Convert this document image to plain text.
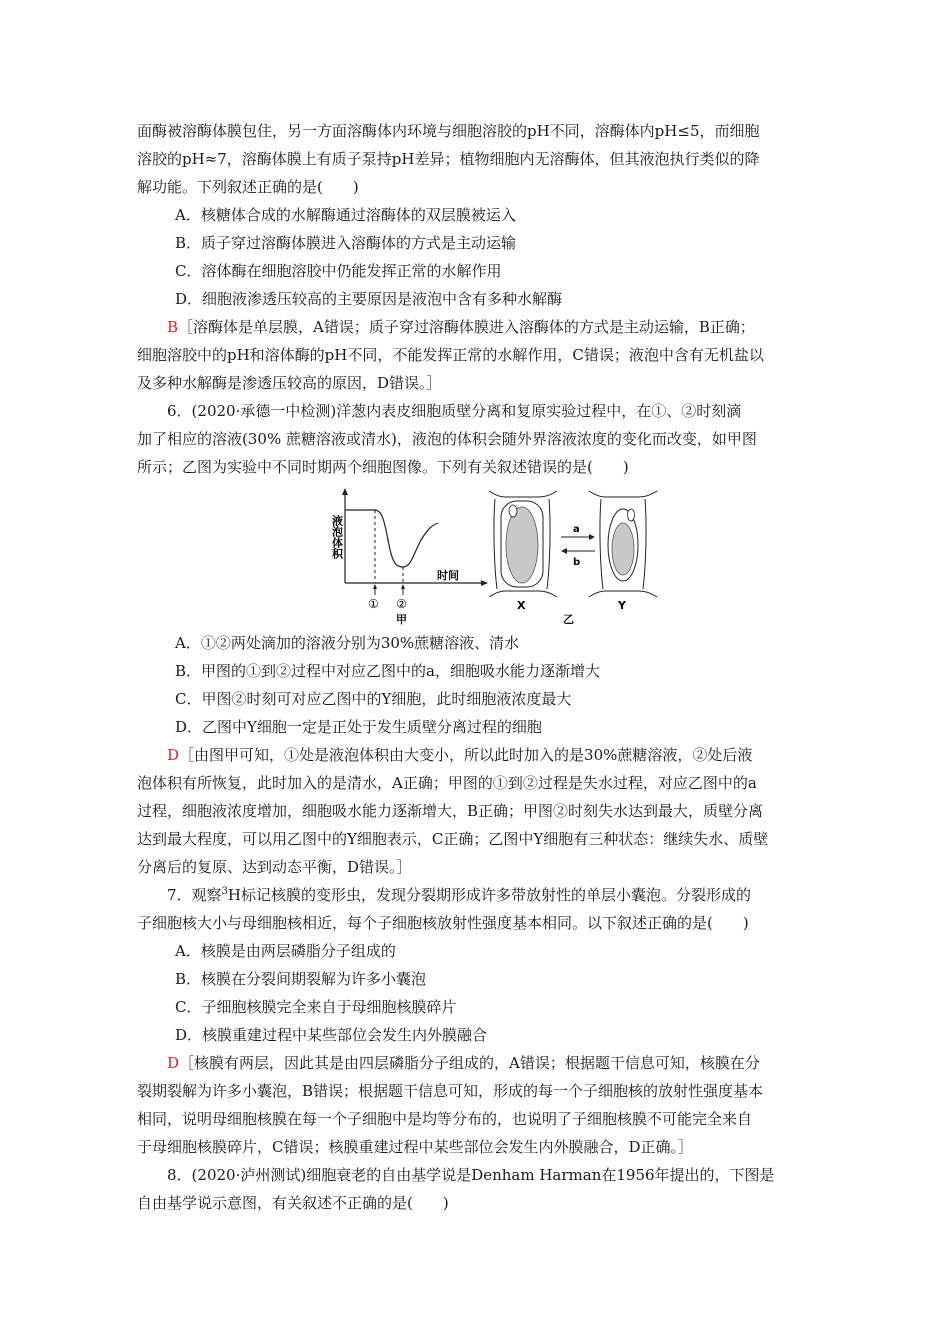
面酶被溶酶体膜包住，另一方面溶酶体内环境与细胞溶胶的pH不同，溶酶体内pH≤5，而细胞

溶胶的pH≈7，溶酶体膜上有质子泵持pH差异；植物细胞内无溶酶体，但其液泡执行类似的降

解功能。下列叙述正确的是(　　)

A．核糖体合成的水解酶通过溶酶体的双层膜被运入

B．质子穿过溶酶体膜进入溶酶体的方式是主动运输

C．溶体酶在细胞溶胶中仍能发挥正常的水解作用

D．细胞液渗透压较高的主要原因是液泡中含有多种水解酶

B［溶酶体是单层膜，A错误；质子穿过溶酶体膜进入溶酶体的方式是主动运输，B正确；

细胞溶胶中的pH和溶体酶的pH不同，不能发挥正常的水解作用，C错误；液泡中含有无机盐以

及多种水解酶是渗透压较高的原因，D错误。］

6．(2020·承德一中检测)洋葱内表皮细胞质壁分离和复原实验过程中，在①、②时刻滴

加了相应的溶液(30% 蔗糖溶液或清水)，液泡的体积会随外界溶液浓度的变化而改变，如甲图

所示；乙图为实验中不同时期两个细胞图像。下列有关叙述错误的是(　　)

液泡体积
时间
① ②
甲
X
a
b
Y
乙

A．①②两处滴加的溶液分别为30%蔗糖溶液、清水

B．甲图的①到②过程中对应乙图中的a，细胞吸水能力逐渐增大

C．甲图②时刻可对应乙图中的Y细胞，此时细胞液浓度最大

D．乙图中Y细胞一定是正处于发生质壁分离过程的细胞

D［由图甲可知，①处是液泡体积由大变小，所以此时加入的是30%蔗糖溶液，②处后液

泡体积有所恢复，此时加入的是清水，A正确；甲图的①到②过程是失水过程，对应乙图中的a

过程，细胞液浓度增加，细胞吸水能力逐渐增大，B正确；甲图②时刻失水达到最大，质壁分离

达到最大程度，可以用乙图中的Y细胞表示，C正确；乙图中Y细胞有三种状态：继续失水、质壁

分离后的复原、达到动态平衡，D错误。］

7．观察$^3$H标记核膜的变形虫，发现分裂期形成许多带放射性的单层小囊泡。分裂形成的

子细胞核大小与母细胞核相近，每个子细胞核放射性强度基本相同。以下叙述正确的是(　　)

A．核膜是由两层磷脂分子组成的

B．核膜在分裂间期裂解为许多小囊泡

C．子细胞核膜完全来自于母细胞核膜碎片

D．核膜重建过程中某些部位会发生内外膜融合

D［核膜有两层，因此其是由四层磷脂分子组成的，A错误；根据题干信息可知，核膜在分

裂期裂解为许多小囊泡，B错误；根据题干信息可知，形成的每一个子细胞核的放射性强度基本

相同，说明母细胞核膜在每一个子细胞中是均等分布的，也说明了子细胞核膜不可能完全来自

于母细胞核膜碎片，C错误；核膜重建过程中某些部位会发生内外膜融合，D正确。］

8．(2020·泸州测试)细胞衰老的自由基学说是Denham Harman在1956年提出的，下图是

自由基学说示意图，有关叙述不正确的是(　　)
